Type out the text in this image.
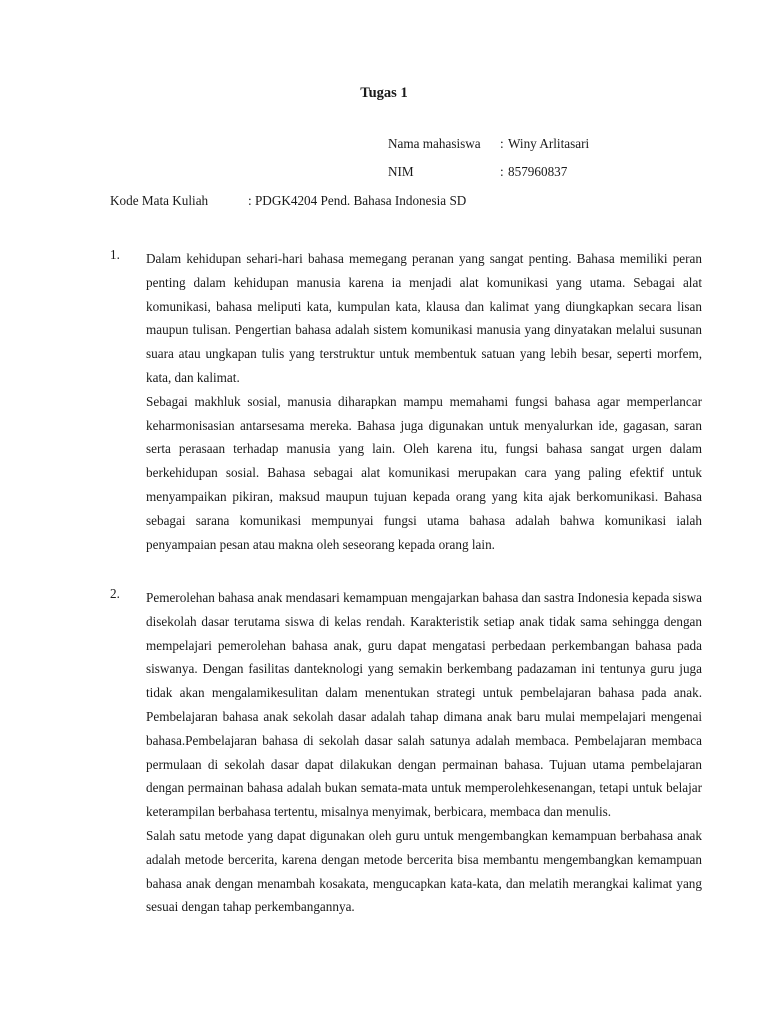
Tugas 1
Nama mahasiswa : Winy Arlitasari
NIM	: 857960837
Kode Mata Kuliah	: PDGK4204 Pend. Bahasa Indonesia SD
1. Dalam kehidupan sehari-hari bahasa memegang peranan yang sangat penting. Bahasa memiliki peran penting dalam kehidupan manusia karena ia menjadi alat komunikasi yang utama. Sebagai alat komunikasi, bahasa meliputi kata, kumpulan kata, klausa dan kalimat yang diungkapkan secara lisan maupun tulisan. Pengertian bahasa adalah sistem komunikasi manusia yang dinyatakan melalui susunan suara atau ungkapan tulis yang terstruktur untuk membentuk satuan yang lebih besar, seperti morfem, kata, dan kalimat.

Sebagai makhluk sosial, manusia diharapkan mampu memahami fungsi bahasa agar memperlancar keharmonisasian antarsesama mereka. Bahasa juga digunakan untuk menyalurkan ide, gagasan, saran serta perasaan terhadap manusia yang lain. Oleh karena itu, fungsi bahasa sangat urgen dalam berkehidupan sosial. Bahasa sebagai alat komunikasi merupakan cara yang paling efektif untuk menyampaikan pikiran, maksud maupun tujuan kepada orang yang kita ajak berkomunikasi. Bahasa sebagai sarana komunikasi mempunyai fungsi utama bahasa adalah bahwa komunikasi ialah penyampaian pesan atau makna oleh seseorang kepada orang lain.

2. Pemerolehan bahasa anak mendasari kemampuan mengajarkan bahasa dan sastra Indonesia kepada siswa disekolah dasar terutama siswa di kelas rendah. Karakteristik setiap anak tidak sama sehingga dengan mempelajari pemerolehan bahasa anak, guru dapat mengatasi perbedaan perkembangan bahasa pada siswanya. Dengan fasilitas danteknologi yang semakin berkembang padazaman ini tentunya guru juga tidak akan mengalamikesulitan dalam menentukan strategi untuk pembelajaran bahasa pada anak. Pembelajaran bahasa anak sekolah dasar adalah tahap dimana anak baru mulai mempelajari mengenai bahasa.Pembelajaran bahasa di sekolah dasar salah satunya adalah membaca. Pembelajaran membaca permulaan di sekolah dasar dapat dilakukan dengan permainan bahasa. Tujuan utama pembelajaran dengan permainan bahasa adalah bukan semata-mata untuk memperolehkesenangan, tetapi untuk belajar keterampilan berbahasa tertentu, misalnya menyimak, berbicara, membaca dan menulis.

Salah satu metode yang dapat digunakan oleh guru untuk mengembangkan kemampuan berbahasa anak adalah metode bercerita, karena dengan metode bercerita bisa membantu mengembangkan kemampuan bahasa anak dengan menambah kosakata, mengucapkan kata-kata, dan melatih merangkai kalimat yang sesuai dengan tahap perkembangannya.
